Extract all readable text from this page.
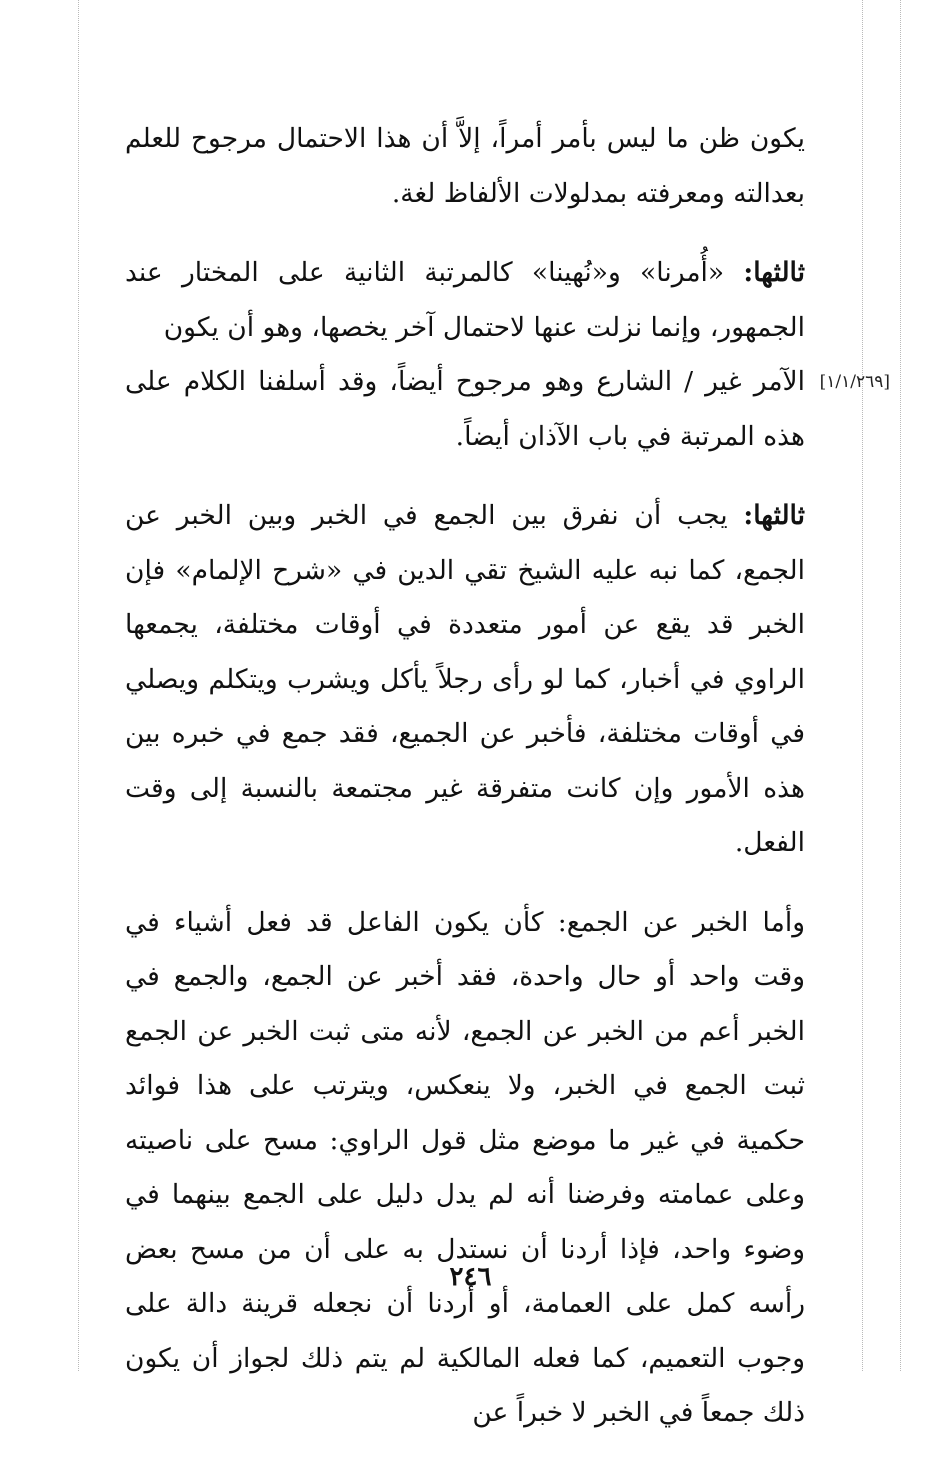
يكون ظن ما ليس بأمر أمراً، إلاَّ أن هذا الاحتمال مرجوح للعلم بعدالته ومعرفته بمدلولات الألفاظ لغة.

ثالثها: «أُمرنا» و«نُهينا» كالمرتبة الثانية على المختار عند الجمهور، وإنما نزلت عنها لاحتمال آخر يخصها، وهو أن يكون
[١/١/٢٦٩]
الآمر غير / الشارع وهو مرجوح أيضاً، وقد أسلفنا الكلام على هذه المرتبة في باب الآذان أيضاً.

ثالثها: يجب أن نفرق بين الجمع في الخبر وبين الخبر عن الجمع، كما نبه عليه الشيخ تقي الدين في «شرح الإلمام» فإن الخبر قد يقع عن أمور متعددة في أوقات مختلفة، يجمعها الراوي في أخبار، كما لو رأى رجلاً يأكل ويشرب ويتكلم ويصلي في أوقات مختلفة، فأخبر عن الجميع، فقد جمع في خبره بين هذه الأمور وإن كانت متفرقة غير مجتمعة بالنسبة إلى وقت الفعل.

وأما الخبر عن الجمع: كأن يكون الفاعل قد فعل أشياء في وقت واحد أو حال واحدة، فقد أخبر عن الجمع، والجمع في الخبر أعم من الخبر عن الجمع، لأنه متى ثبت الخبر عن الجمع ثبت الجمع في الخبر، ولا ينعكس، ويترتب على هذا فوائد حكمية في غير ما موضع مثل قول الراوي: مسح على ناصيته وعلى عمامته وفرضنا أنه لم يدل دليل على الجمع بينهما في وضوء واحد، فإذا أردنا أن نستدل به على أن من مسح بعض رأسه كمل على العمامة، أو أردنا أن نجعله قرينة دالة على وجوب التعميم، كما فعله المالكية لم يتم ذلك لجواز أن يكون ذلك جمعاً في الخبر لا خبراً عن

٢٤٦
